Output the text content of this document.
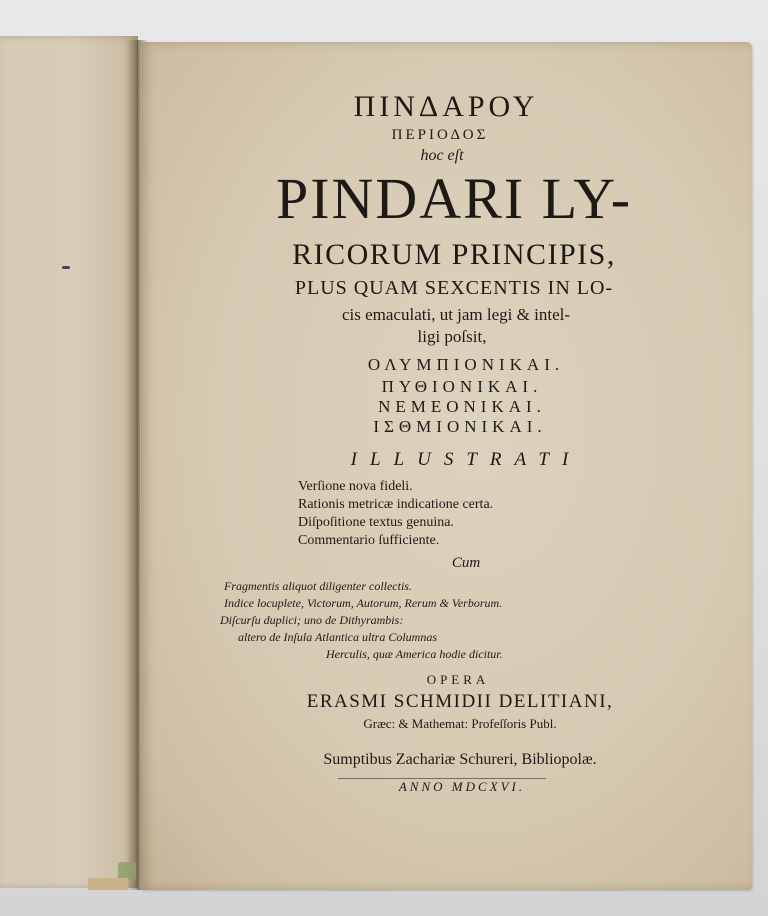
ΠΙΝΔΑΡΟΥ
ΠΕΡΙΟΔΟΣ
hoc eſt
PINDARI LY-
RICORUM PRINCIPIS,
PLUS QUAM SEXCENTIS IN LO-
cis emaculati, ut jam legi & intel-
ligi poſsit,
ΟΛΥΜΠΙΟΝΙΚΑΙ.
ΠΥΘΙΟΝΙΚΑΙ.
ΝΕΜΕΟΝΙΚΑΙ.
ΙΣΘΜΙΟΝΙΚΑΙ.
ILLUSTRATI
Verſione nova fideli.
Rationis metricæ indicatione certa.
Diſpoſitione textus genuina.
Commentario ſufficiente.
Cum
Fragmentis aliquot diligenter collectis.
Indice locuplete, Victorum, Autorum, Rerum & Verborum.
Diſcurſu duplici; uno de Dithyrambis:
altero de Inſula Atlantica ultra Columnas
Herculis, quæ America hodie dicitur.
OPERA
ERASMI SCHMIDII DELITIANI,
Græc: & Mathemat: Profeſſoris Publ.
Sumptibus Zachariæ Schureri, Bibliopolæ.
ANNO MDCXVI.
